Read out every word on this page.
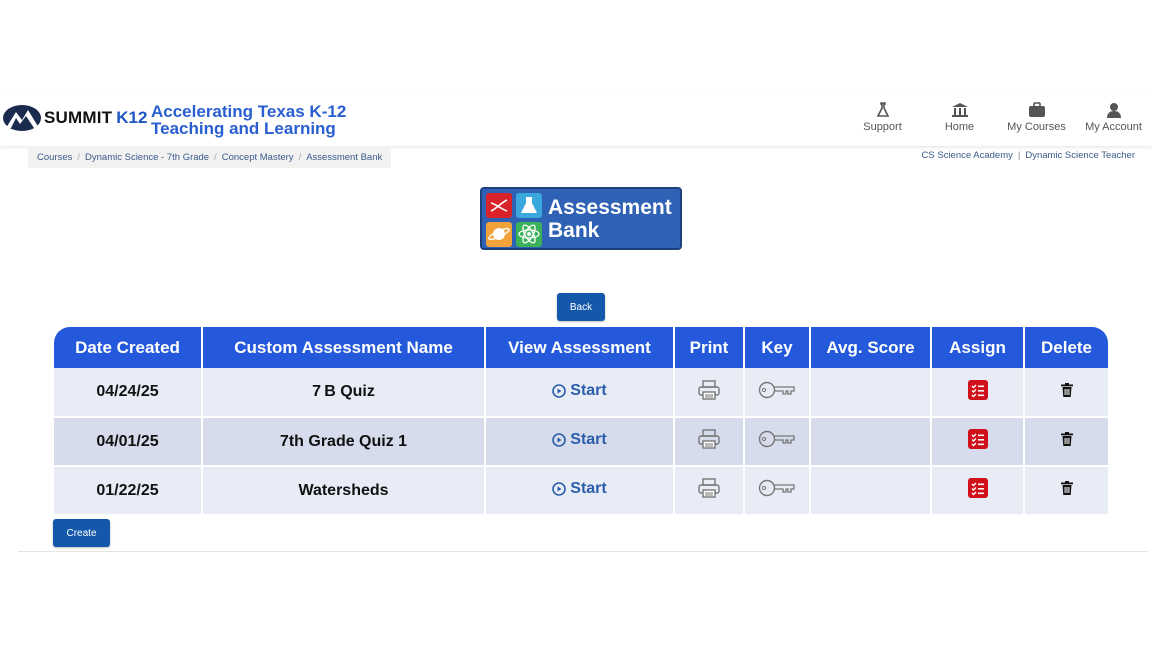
SUMMIT K12 Accelerating Texas K-12
Teaching and Learning	Support	Home	My Courses	My Account
Courses / Dynamic Science - 7th Grade / Concept Mastery / Assessment Bank	CS Science Academy | Dynamic Science Teacher
Assessment
Bank
Back
Date Created	Custom Assessment Name	View Assessment	Print	Key	Avg. Score	Assign	Delete
04/24/25	7 B Quiz	Start

04/01/25	7th Grade Quiz 1	Start

01/22/25	Watersheds	Start

Create
